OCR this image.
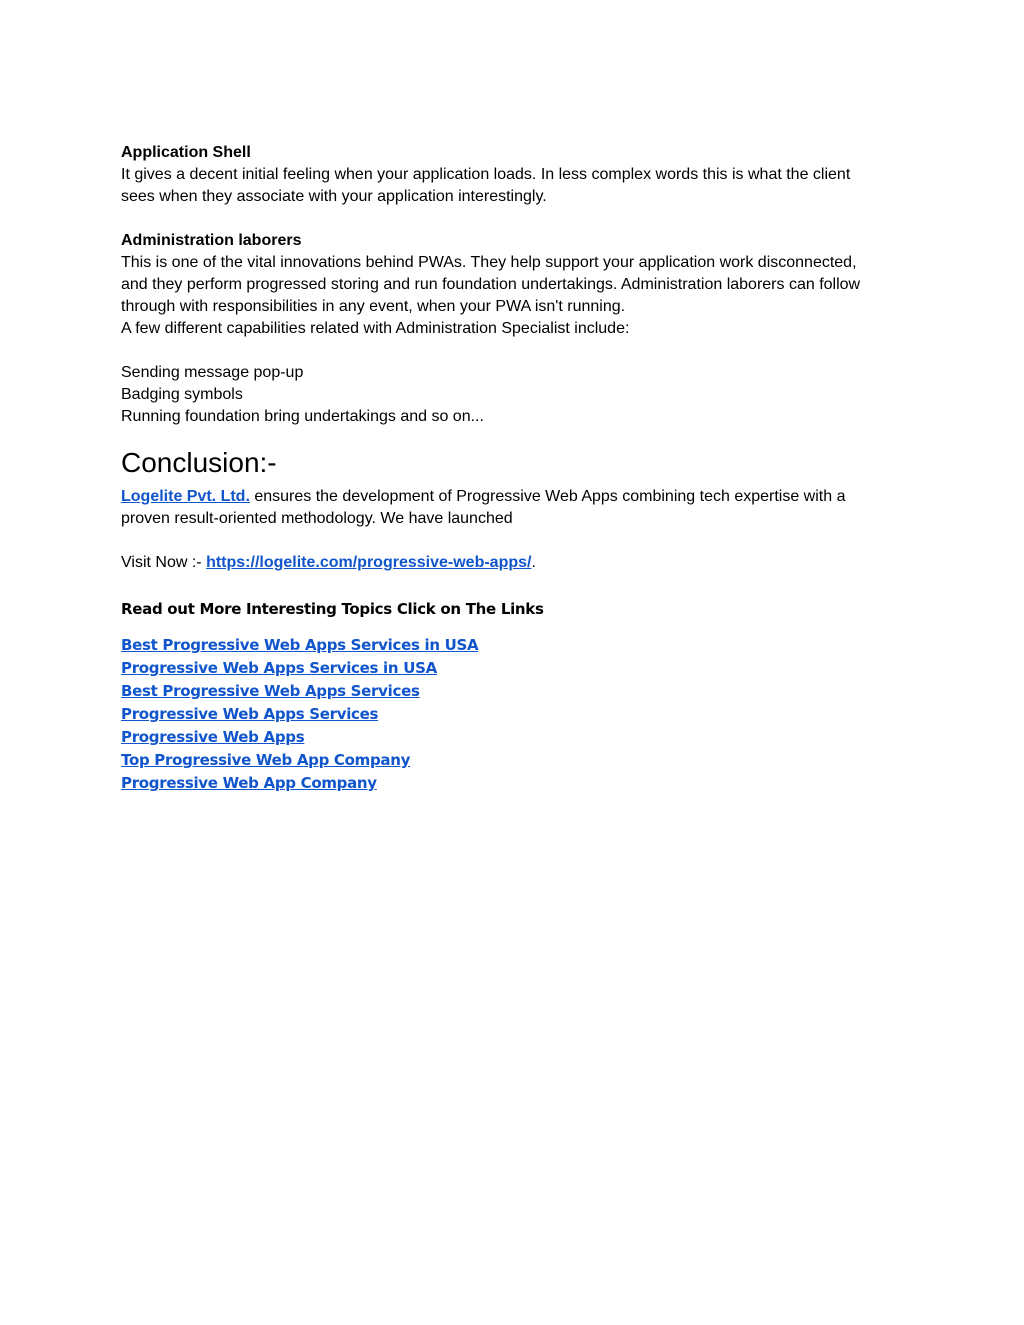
Application Shell

It gives a decent initial feeling when your application loads. In less complex words this is what the client

sees when they associate with your application interestingly.

Administration laborers

This is one of the vital innovations behind PWAs. They help support your application work disconnected,

and they perform progressed storing and run foundation undertakings. Administration laborers can follow

through with responsibilities in any event, when your PWA isn't running.

A few different capabilities related with Administration Specialist include:

Sending message pop-up

Badging symbols

Running foundation bring undertakings and so on...

Conclusion:-

Logelite Pvt. Ltd. ensures the development of Progressive Web Apps combining tech expertise with a

proven result-oriented methodology. We have launched

Visit Now :- https://logelite.com/progressive-web-apps/.

Read out More Interesting Topics Click on The Links

Best Progressive Web Apps Services in USA
Progressive Web Apps Services in USA
Best Progressive Web Apps Services
Progressive Web Apps Services
Progressive Web Apps
Top Progressive Web App Company
Progressive Web App Company
